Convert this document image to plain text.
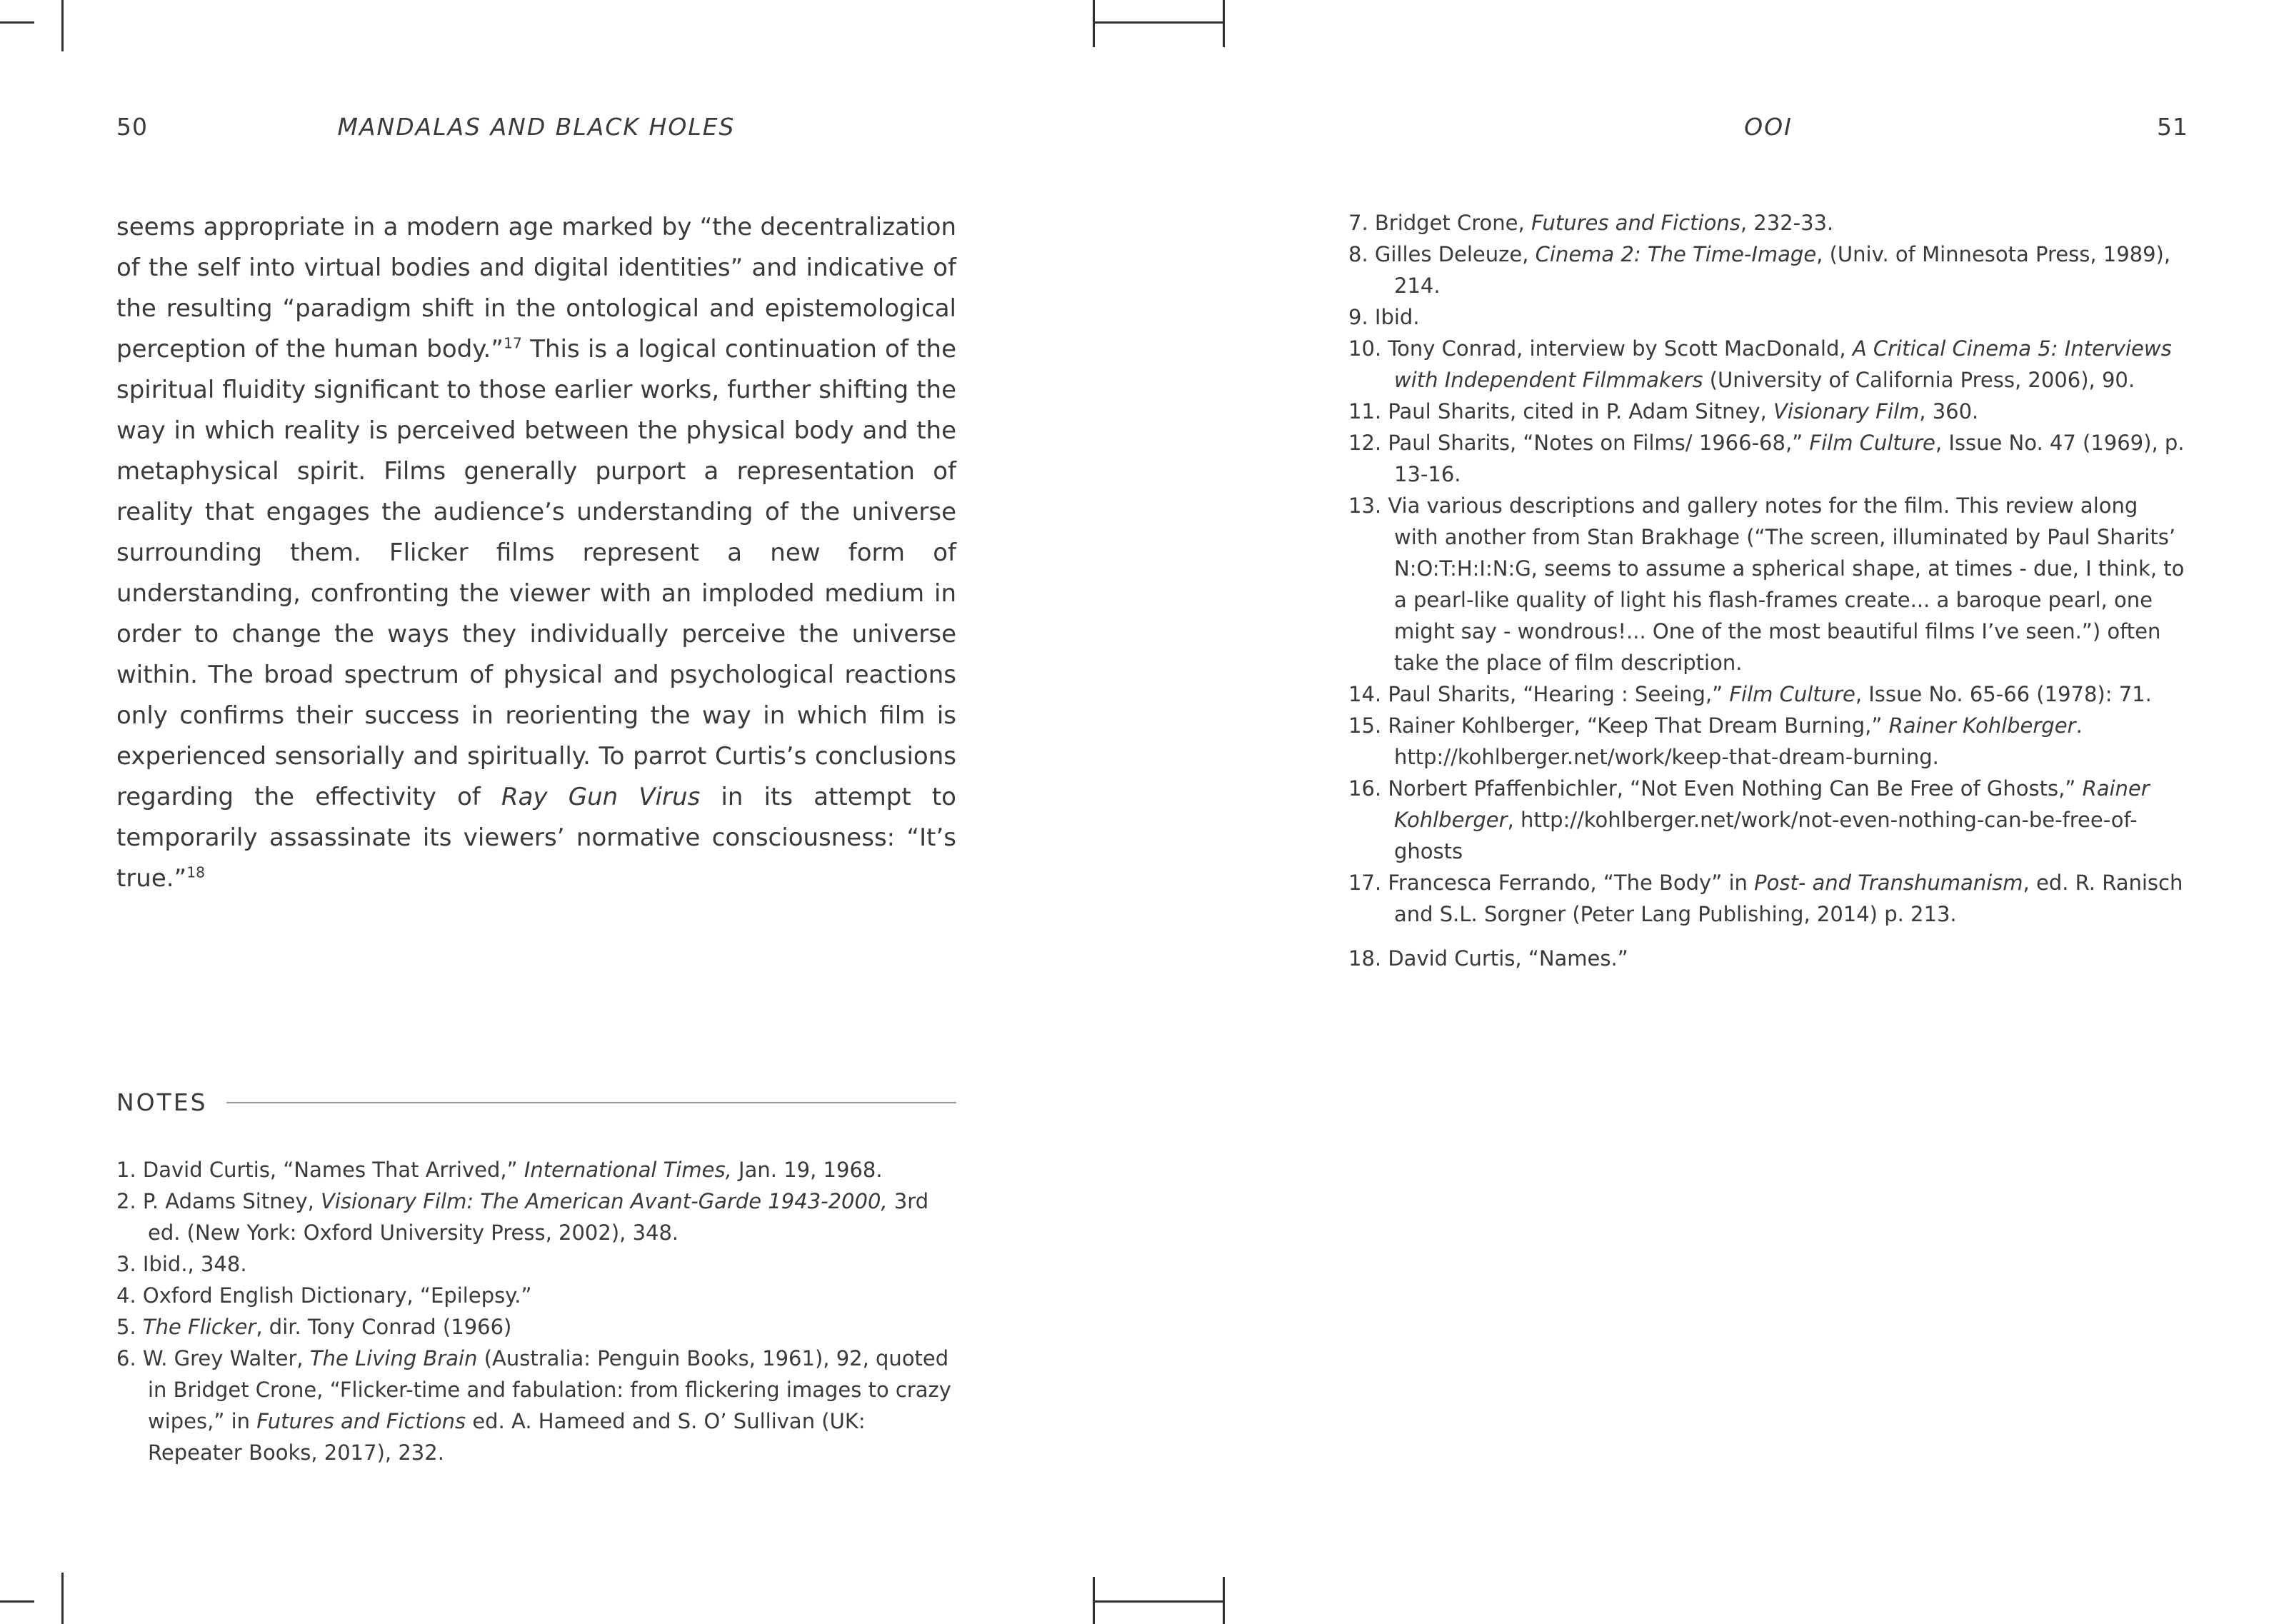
50	MANDALAS AND BLACK HOLES
seems appropriate in a modern age marked by “the decentralization of the self into virtual bodies and digital identities” and indicative of the resulting “paradigm shift in the ontological and epistemological perception of the human body.”$^{17}$ This is a logical continuation of the spiritual fluidity significant to those earlier works, further shifting the way in which reality is perceived between the physical body and the metaphysical spirit. Films generally purport a representation of reality that engages the audience’s understanding of the universe surrounding them. Flicker films represent a new form of understanding, confronting the viewer with an imploded medium in order to change the ways they individually perceive the universe within. The broad spectrum of physical and psychological reactions only confirms their success in reorienting the way in which film is experienced sensorially and spiritually. To parrot Curtis’s conclusions regarding the effectivity of Ray Gun Virus in its attempt to temporarily assassinate its viewers’ normative consciousness: “It’s true.”$^{18}$
NOTES
1. David Curtis, “Names That Arrived,” International Times, Jan. 19, 1968.
2. P. Adams Sitney, Visionary Film: The American Avant-Garde 1943-2000, 3rd ed. (New York: Oxford University Press, 2002), 348.
3. Ibid., 348.
4. Oxford English Dictionary, “Epilepsy.”
5. The Flicker, dir. Tony Conrad (1966)
6. W. Grey Walter, The Living Brain (Australia: Penguin Books, 1961), 92, quoted in Bridget Crone, “Flicker-time and fabulation: from flickering images to crazy wipes,” in Futures and Fictions ed. A. Hameed and S. O’ Sullivan (UK: Repeater Books, 2017), 232.
OOI	51
7. Bridget Crone, Futures and Fictions, 232-33.
8. Gilles Deleuze, Cinema 2: The Time-Image, (Univ. of Minnesota Press, 1989), 214.
9. Ibid.
10. Tony Conrad, interview by Scott MacDonald, A Critical Cinema 5: Interviews with Independent Filmmakers (University of California Press, 2006), 90.
11. Paul Sharits, cited in P. Adam Sitney, Visionary Film, 360.
12. Paul Sharits, “Notes on Films/ 1966-68,” Film Culture, Issue No. 47 (1969), p. 13-16.
13. Via various descriptions and gallery notes for the film. This review along with another from Stan Brakhage (“The screen, illuminated by Paul Sharits’ N:O:T:H:I:N:G, seems to assume a spherical shape, at times - due, I think, to a pearl-like quality of light his flash-frames create... a baroque pearl, one might say - wondrous!... One of the most beautiful films I’ve seen.”) often take the place of film description.
14. Paul Sharits, “Hearing : Seeing,” Film Culture, Issue No. 65-66 (1978): 71.
15. Rainer Kohlberger, “Keep That Dream Burning,” Rainer Kohlberger. http://kohlberger.net/work/keep-that-dream-burning.
16. Norbert Pfaffenbichler, “Not Even Nothing Can Be Free of Ghosts,” Rainer Kohlberger, http://kohlberger.net/work/not-even-nothing-can-be-free-of-ghosts
17. Francesca Ferrando, “The Body” in Post- and Transhumanism, ed. R. Ranisch and S.L. Sorgner (Peter Lang Publishing, 2014) p. 213.
18. David Curtis, “Names.”
